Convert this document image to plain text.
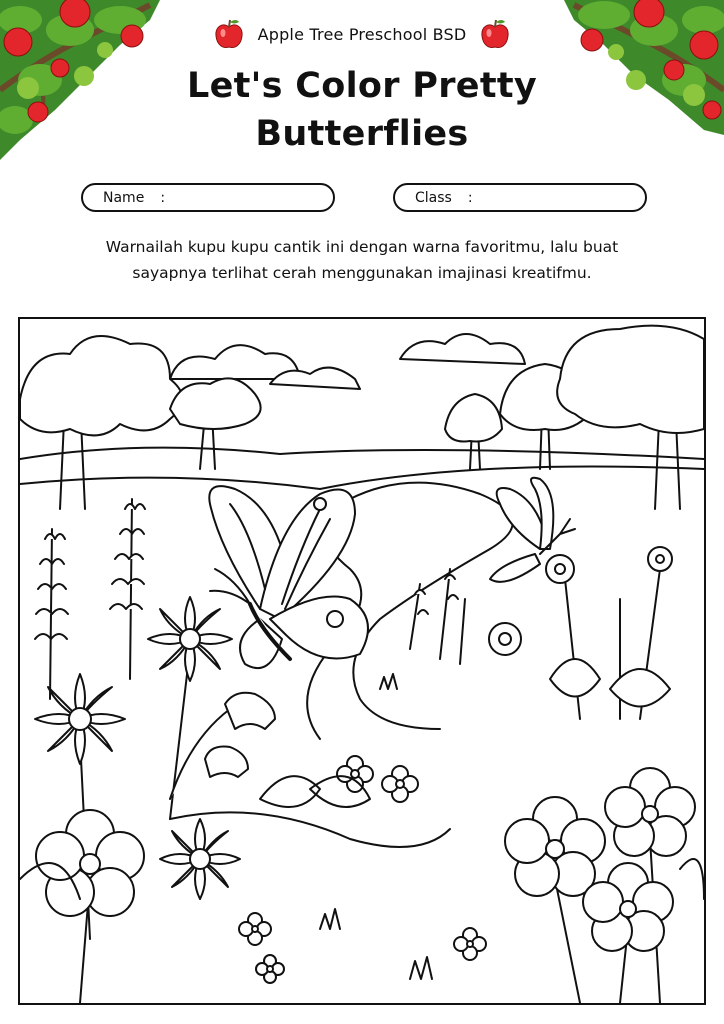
Apple Tree Preschool BSD
Let's Color Pretty
Butterflies
Name :	Class :
Warnailah kupu kupu cantik ini dengan warna favoritmu, lalu buat
sayapnya terlihat cerah menggunakan imajinasi kreatifmu.
